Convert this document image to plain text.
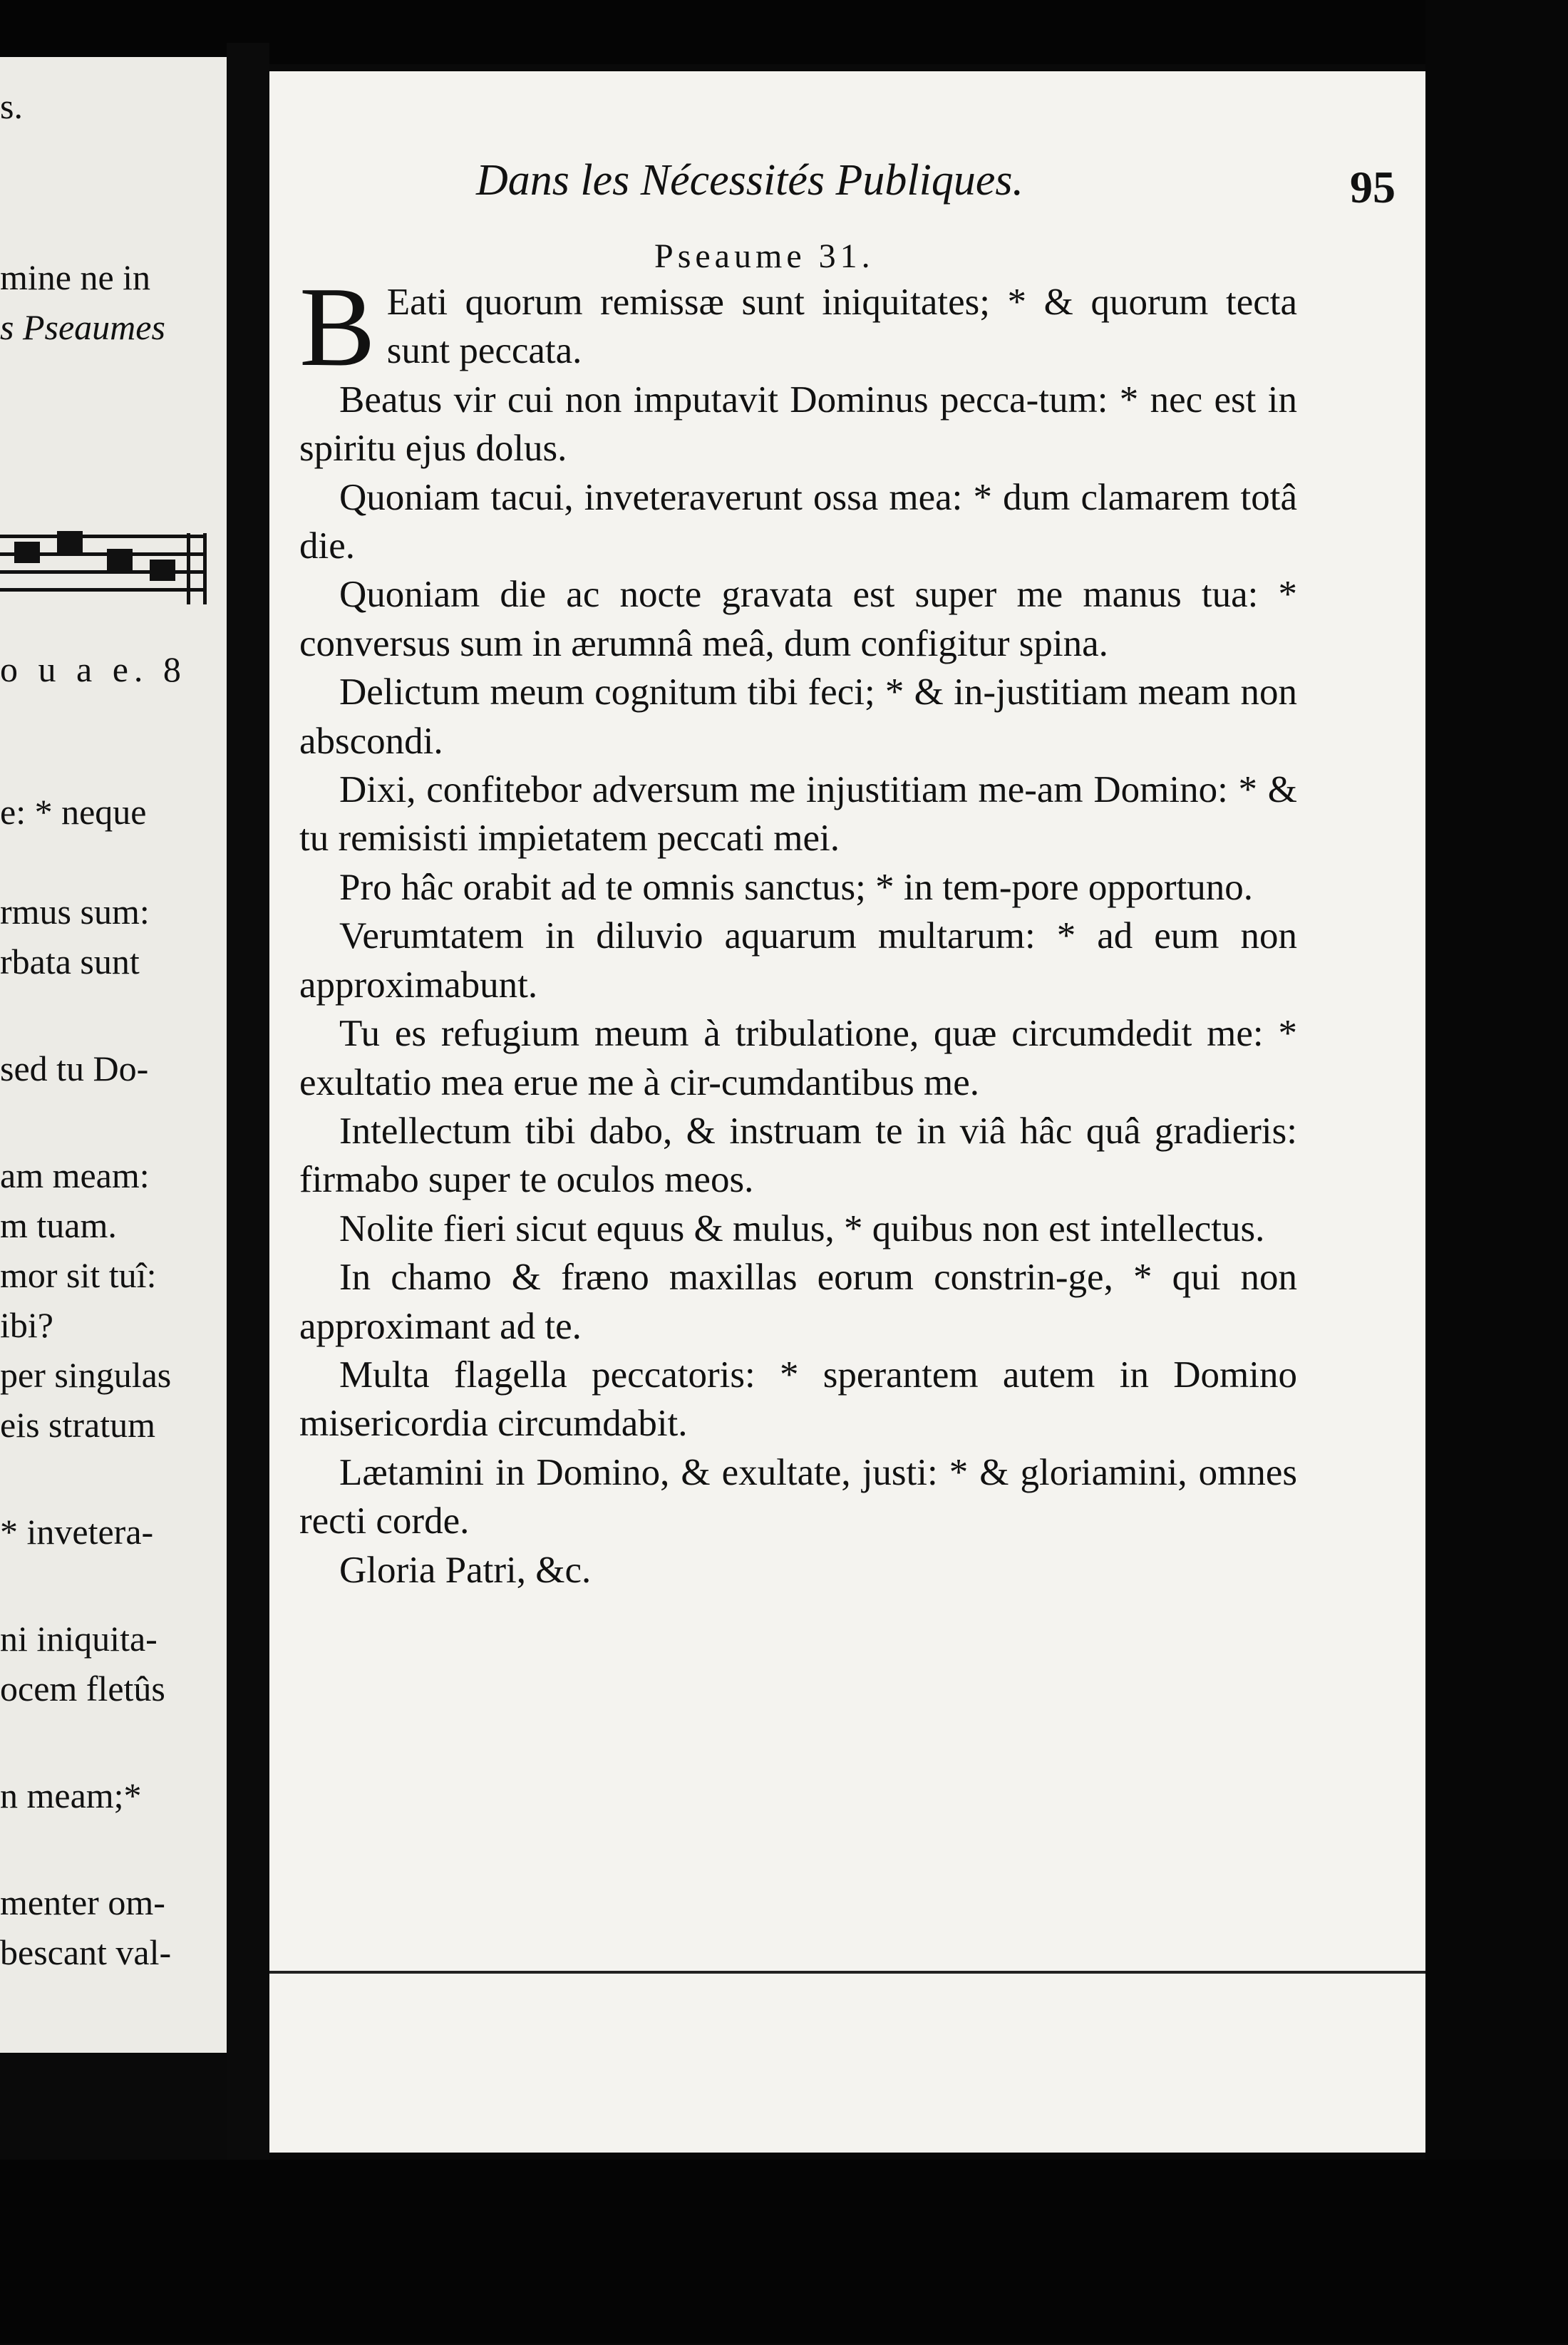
s.
mine ne in
s Pseaumes
o u a e. 8
e: * neque
rmus sum:
rbata sunt
sed tu Do-
am meam:
m tuam.
mor sit tuî:
ibi?
per singulas
eis stratum
* invetera-
ni iniquita-
ocem fletûs
n meam;*
menter om-
bescant val-
Dans les Nécessités Publiques.	95
Pseaume 31.

B Eati quorum remissæ sunt iniquitates; * & quorum tecta sunt peccata.

Beatus vir cui non imputavit Dominus pecca-tum: * nec est in spiritu ejus dolus.

Quoniam tacui, inveteraverunt ossa mea: * dum clamarem totâ die.

Quoniam die ac nocte gravata est super me manus tua: * conversus sum in ærumnâ meâ, dum configitur spina.

Delictum meum cognitum tibi feci; * & in-justitiam meam non abscondi.

Dixi, confitebor adversum me injustitiam me-am Domino: * & tu remisisti impietatem peccati mei.

Pro hâc orabit ad te omnis sanctus; * in tem-pore opportuno.

Verumtatem in diluvio aquarum multarum: * ad eum non approximabunt.

Tu es refugium meum à tribulatione, quæ circumdedit me: * exultatio mea erue me à cir-cumdantibus me.

Intellectum tibi dabo, & instruam te in viâ hâc quâ gradieris: firmabo super te oculos meos.

Nolite fieri sicut equus & mulus, * quibus non est intellectus.

In chamo & fræno maxillas eorum constrin-ge, * qui non approximant ad te.

Multa flagella peccatoris: * sperantem autem in Domino misericordia circumdabit.

Lætamini in Domino, & exultate, justi: * & gloriamini, omnes recti corde.

Gloria Patri, &c.
